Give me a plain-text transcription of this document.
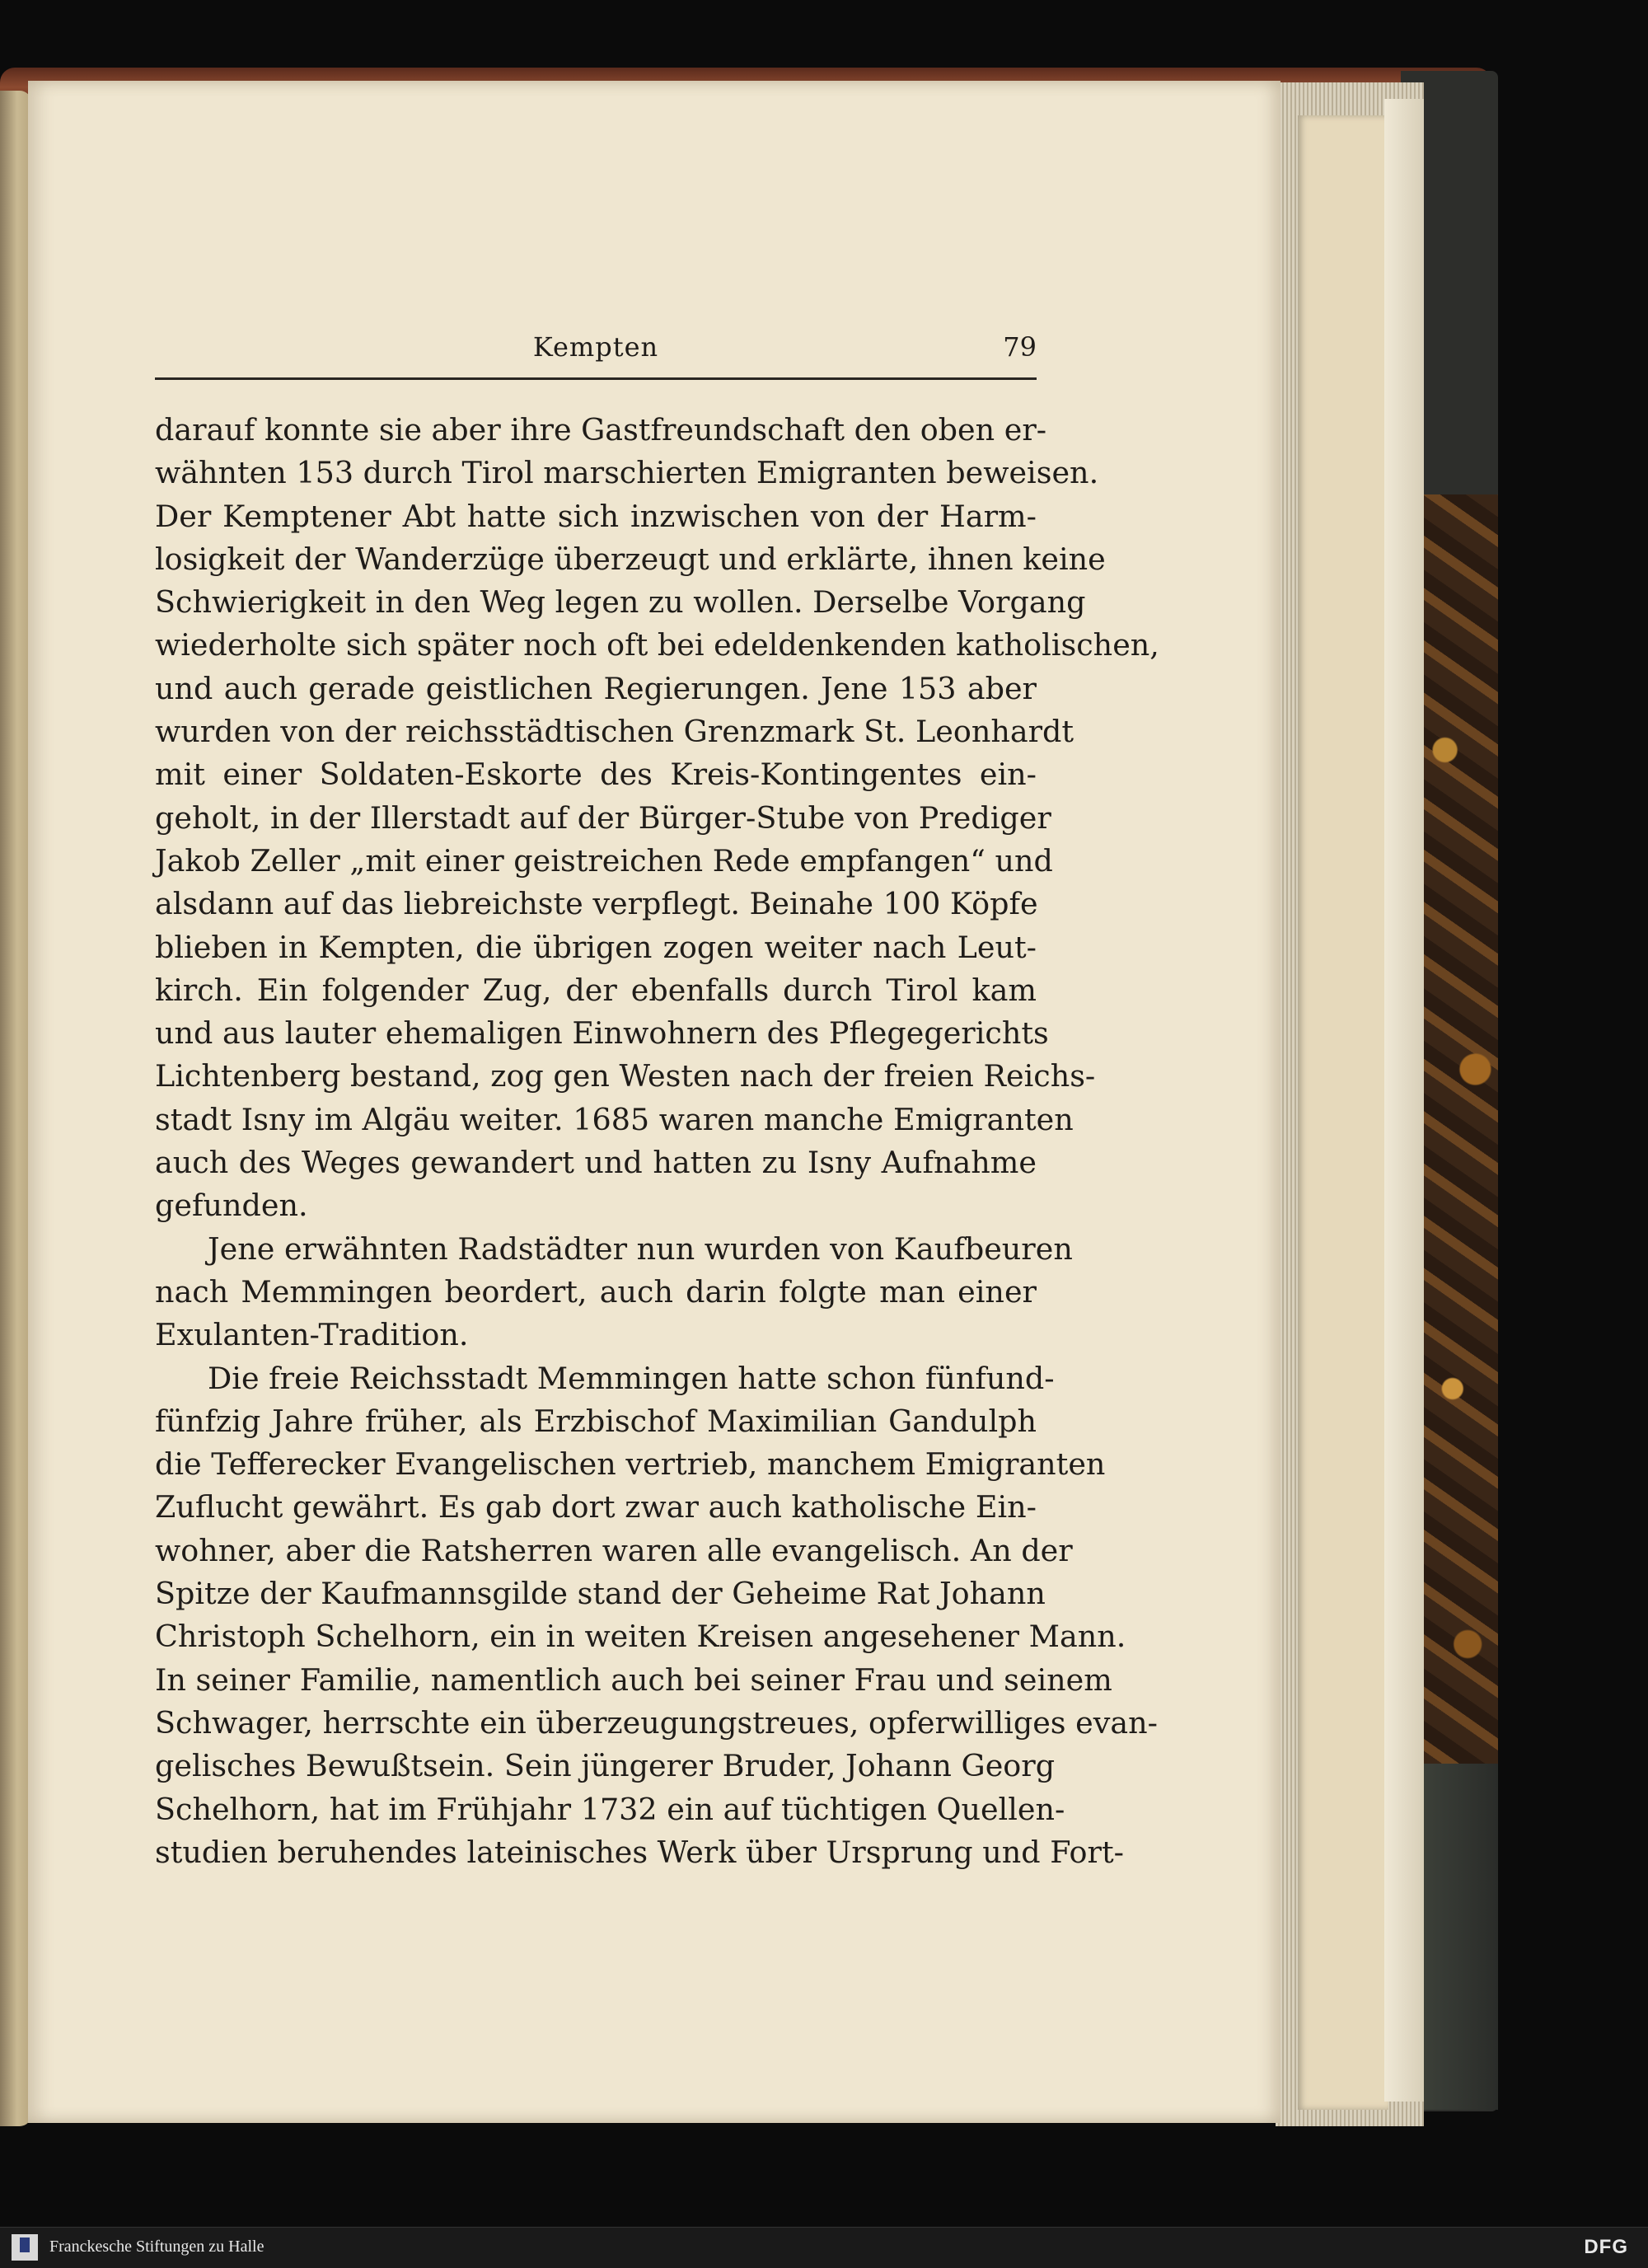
Kempten	79
darauf konnte sie aber ihre Gastfreundschaft den oben er-
wähnten 153 durch Tirol marschierten Emigranten beweisen.
Der Kemptener Abt hatte sich inzwischen von der Harm-
losigkeit der Wanderzüge überzeugt und erklärte, ihnen keine
Schwierigkeit in den Weg legen zu wollen. Derselbe Vorgang
wiederholte sich später noch oft bei edeldenkenden katholischen,
und auch gerade geistlichen Regierungen. Jene 153 aber
wurden von der reichsstädtischen Grenzmark St. Leonhardt
mit einer Soldaten-Eskorte des Kreis-Kontingentes ein-
geholt, in der Illerstadt auf der Bürger-Stube von Prediger
Jakob Zeller „mit einer geistreichen Rede empfangen“ und
alsdann auf das liebreichste verpflegt. Beinahe 100 Köpfe
blieben in Kempten, die übrigen zogen weiter nach Leut-
kirch. Ein folgender Zug, der ebenfalls durch Tirol kam
und aus lauter ehemaligen Einwohnern des Pflegegerichts
Lichtenberg bestand, zog gen Westen nach der freien Reichs-
stadt Isny im Algäu weiter. 1685 waren manche Emigranten
auch des Weges gewandert und hatten zu Isny Aufnahme
gefunden.
Jene erwähnten Radstädter nun wurden von Kaufbeuren
nach Memmingen beordert, auch darin folgte man einer
Exulanten-Tradition.
Die freie Reichsstadt Memmingen hatte schon fünfund-
fünfzig Jahre früher, als Erzbischof Maximilian Gandulph
die Tefferecker Evangelischen vertrieb, manchem Emigranten
Zuflucht gewährt. Es gab dort zwar auch katholische Ein-
wohner, aber die Ratsherren waren alle evangelisch. An der
Spitze der Kaufmannsgilde stand der Geheime Rat Johann
Christoph Schelhorn, ein in weiten Kreisen angesehener Mann.
In seiner Familie, namentlich auch bei seiner Frau und seinem
Schwager, herrschte ein überzeugungstreues, opferwilliges evan-
gelisches Bewußtsein. Sein jüngerer Bruder, Johann Georg
Schelhorn, hat im Frühjahr 1732 ein auf tüchtigen Quellen-
studien beruhendes lateinisches Werk über Ursprung und Fort-
Franckesche Stiftungen zu Halle	DFG
